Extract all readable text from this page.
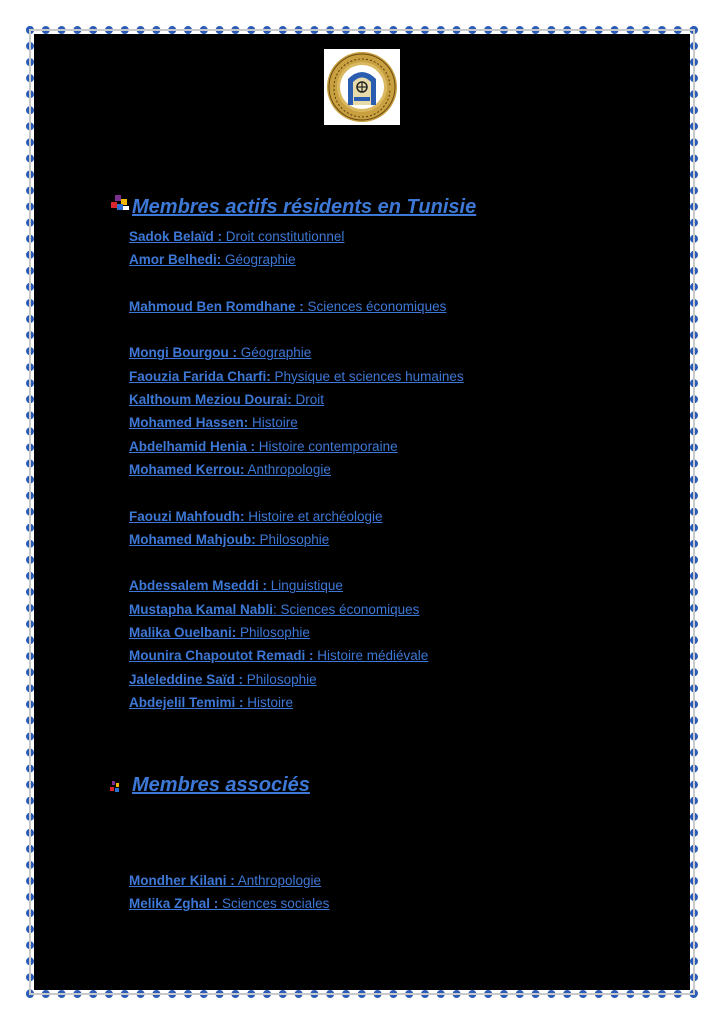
Membres actifs résidents en Tunisie
Sadok Belaïd : Droit constitutionnel
Amor Belhedi: Géographie
Mahmoud Ben Romdhane : Sciences économiques
Mongi Bourgou : Géographie
Faouzia Farida Charfi: Physique et sciences humaines
Kalthoum Meziou Dourai: Droit
Mohamed Hassen: Histoire
Abdelhamid Henia : Histoire contemporaine
Mohamed Kerrou: Anthropologie
Faouzi Mahfoudh: Histoire et archéologie
Mohamed Mahjoub: Philosophie
Abdessalem Mseddi : Linguistique
Mustapha Kamal Nabli: Sciences économiques
Malika Ouelbani: Philosophie
Mounira Chapoutot Remadi : Histoire médiévale
Jaleleddine Saïd : Philosophie
Abdejelil Temimi : Histoire
Membres associés
Mondher Kilani : Anthropologie
Melika Zghal : Sciences sociales
